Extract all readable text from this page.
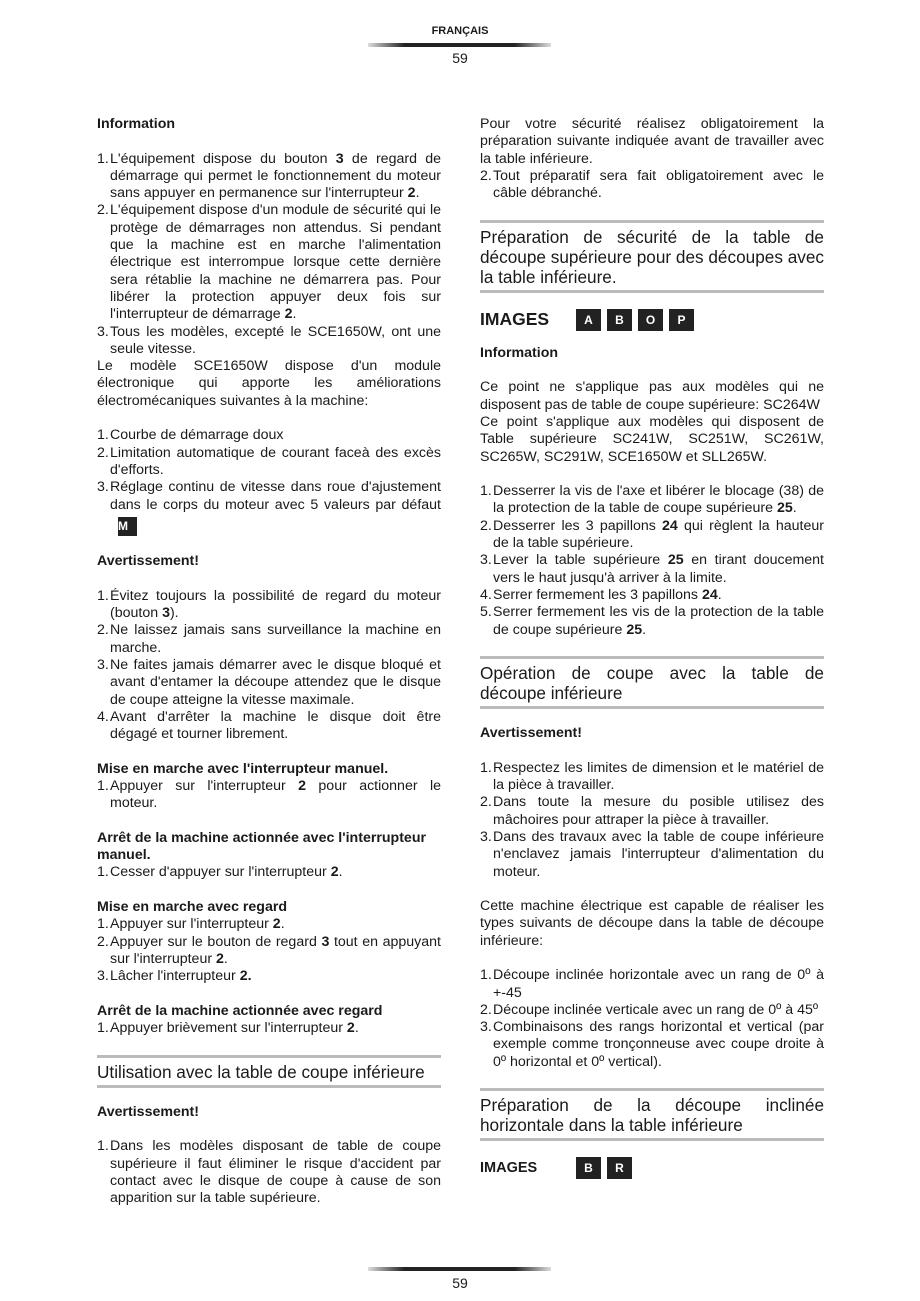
FRANÇAIS
59
Information
1. L'équipement dispose du bouton 3 de regard de démarrage qui permet le fonctionnement du moteur sans appuyer en permanence sur l'interrupteur 2.
2. L'équipement dispose d'un module de sécurité qui le protège de démarrages non attendus. Si pendant que la machine est en marche l'alimentation électrique est interrompue lorsque cette dernière sera rétablie la machine ne démarrera pas. Pour libérer la protection appuyer deux fois sur l'interrupteur de démarrage 2.
3. Tous les modèles, excepté le SCE1650W, ont une seule vitesse.
Le modèle SCE1650W dispose d'un module électronique qui apporte les améliorations électromécaniques suivantes à la machine:
1. Courbe de démarrage doux
2. Limitation automatique de courant faceà des excès d'efforts.
3. Réglage continu de vitesse dans roue d'ajustement dans le corps du moteur avec 5 valeurs par défautM
Avertissement!
1. Évitez toujours la possibilité de regard du moteur (bouton 3).
2. Ne laissez jamais sans surveillance la machine en marche.
3. Ne faites jamais démarrer avec le disque bloqué et avant d'entamer la découpe attendez que le disque de coupe atteigne la vitesse maximale.
4. Avant d'arrêter la machine le disque doit être dégagé et tourner librement.
Mise en marche avec l'interrupteur manuel.
1. Appuyer sur l'interrupteur 2 pour actionner le moteur.
Arrêt de la machine actionnée avec l'interrupteur manuel.
1. Cesser d'appuyer sur l'interrupteur 2.
Mise en marche avec regard
1. Appuyer sur l'interrupteur 2.
2. Appuyer sur le bouton de regard 3 tout en appuyant sur l'interrupteur 2.
3. Lâcher l'interrupteur 2.
Arrêt de la machine actionnée avec regard
1. Appuyer brièvement sur l'interrupteur 2.
Utilisation avec la table de coupe inférieure
Avertissement!
1. Dans les modèles disposant de table de coupe supérieure il faut éliminer le risque d'accident par contact avec le disque de coupe à cause de son apparition sur la table supérieure.
Pour votre sécurité réalisez obligatoirement la préparation suivante indiquée avant de travailler avec la table inférieure.
2. Tout préparatif sera fait obligatoirement avec le câble débranché.
Préparation de sécurité de la table de découpe supérieure pour des découpes avec la table inférieure.
IMAGES	A	B	O	P
Information
Ce point ne s'applique pas aux modèles qui ne disposent pas de table de coupe supérieure: SC264W
Ce point s'applique aux modèles qui disposent de Table supérieure SC241W, SC251W, SC261W, SC265W, SC291W, SCE1650W et SLL265W.
1. Desserrer la vis de l'axe et libérer le blocage (38) de la protection de la table de coupe supérieure 25.
2. Desserrer les 3 papillons 24 qui règlent la hauteur de la table supérieure.
3. Lever la table supérieure 25 en tirant doucement vers le haut jusqu'à arriver à la limite.
4. Serrer fermement les 3 papillons 24.
5. Serrer fermement les vis de la protection de la table de coupe supérieure 25.
Opération de coupe avec la table de découpe inférieure
Avertissement!
1. Respectez les limites de dimension et le matériel de la pièce à travailler.
2. Dans toute la mesure du posible utilisez des mâchoires pour attraper la pièce à travailler.
3. Dans des travaux avec la table de coupe inférieure n'enclavez jamais l'interrupteur d'alimentation du moteur.
Cette machine électrique est capable de réaliser les types suivants de découpe dans la table de découpe inférieure:
1. Découpe inclinée horizontale avec un rang de 0º à +-45
2. Découpe inclinée verticale avec un rang de 0º à 45º
3. Combinaisons des rangs horizontal et vertical (par exemple comme tronçonneuse avec coupe droite à 0º horizontal et 0º vertical).
Préparation de la découpe inclinée horizontale dans la table inférieure
IMAGES	B	R
59
